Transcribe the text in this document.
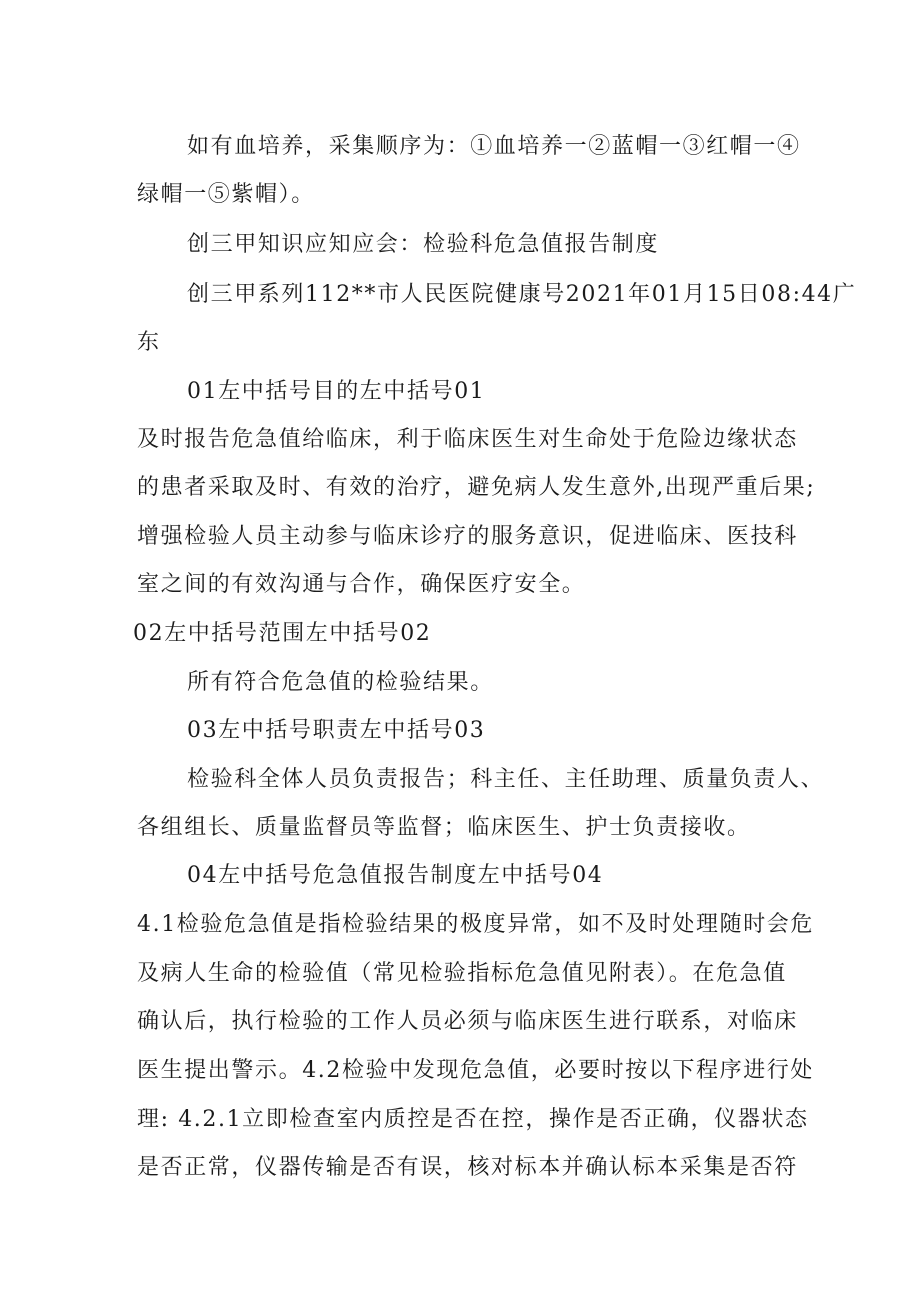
如有血培养，采集顺序为：①血培养一②蓝帽一③红帽一④
绿帽一⑤紫帽）。
创三甲知识应知应会：检验科危急值报告制度
创三甲系列112**市人民医院健康号2021年01月15日08:44广
东
01左中括号目的左中括号01
及时报告危急值给临床，利于临床医生对生命处于危险边缘状态
的患者采取及时、有效的治疗，避免病人发生意外,出现严重后果;
增强检验人员主动参与临床诊疗的服务意识，促进临床、医技科
室之间的有效沟通与合作，确保医疗安全。
02左中括号范围左中括号02
所有符合危急值的检验结果。
03左中括号职责左中括号03
检验科全体人员负责报告；科主任、主任助理、质量负责人、
各组组长、质量监督员等监督；临床医生、护士负责接收。
04左中括号危急值报告制度左中括号04
4.1检验危急值是指检验结果的极度异常，如不及时处理随时会危
及病人生命的检验值（常见检验指标危急值见附表）。在危急值
确认后，执行检验的工作人员必须与临床医生进行联系，对临床
医生提出警示。4.2检验中发现危急值，必要时按以下程序进行处
理: 4.2.1立即检查室内质控是否在控，操作是否正确，仪器状态
是否正常，仪器传输是否有误，核对标本并确认标本采集是否符
